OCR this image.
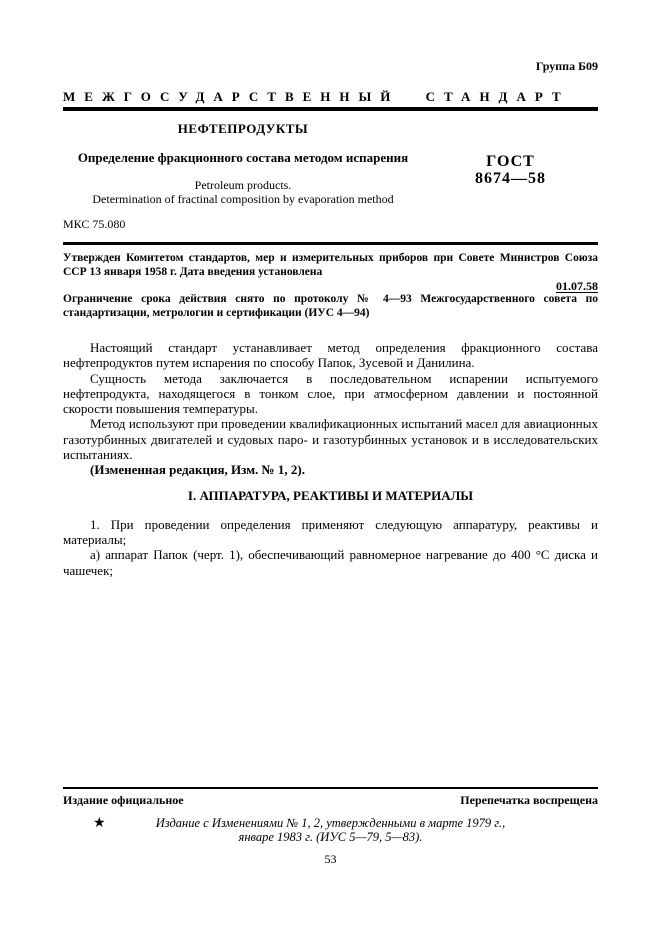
Группа Б09
МЕЖГОСУДАРСТВЕННЫЙ СТАНДАРТ
НЕФТЕПРОДУКТЫ
Определение фракционного состава методом испарения
Petroleum products.
Determination of fractinal composition by evaporation method
ГОСТ
8674—58
МКС 75.080

Утвержден Комитетом стандартов, мер и измерительных приборов при Совете Министров Союза ССР 13 января 1958 г. Дата введения установлена

01.07.58

Ограничение срока действия снято по протоколу № 4—93 Межгосударственного совета по стандартизации, метрологии и сертификации (ИУС 4—94)

Настоящий стандарт устанавливает метод определения фракционного состава нефтепродуктов путем испарения по способу Папок, Зусевой и Данилина.

Сущность метода заключается в последовательном испарении испытуемого нефтепродукта, находящегося в тонком слое, при атмосферном давлении и постоянной скорости повышения температуры.

Метод используют при проведении квалификационных испытаний масел для авиационных газотурбинных двигателей и судовых паро- и газотурбинных установок и в исследовательских испытаниях.

(Измененная редакция, Изм. № 1, 2).

I. АППАРАТУРА, РЕАКТИВЫ И МАТЕРИАЛЫ

1. При проведении определения применяют следующую аппаратуру, реактивы и материалы;

а) аппарат Папок (черт. 1), обеспечивающий равномерное нагревание до 400 °С диска и чашечек;

Издание официальное	Перепечатка воспрещена
★	Издание с Изменениями № 1, 2, утвержденными в марте 1979 г.,
январе 1983 г. (ИУС 5—79, 5—83).
53
